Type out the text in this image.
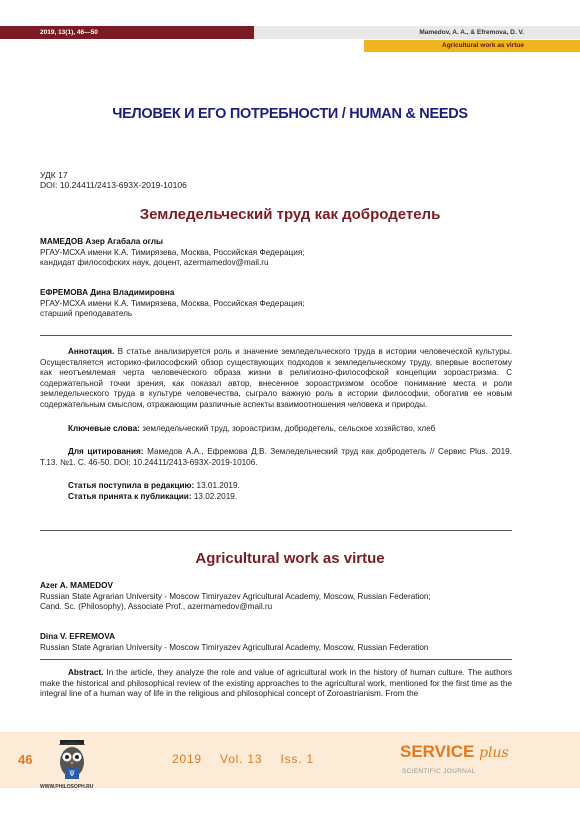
2019, 13(1), 46—50	Mamedov, A. A., & Efremova, D. V.
Agricultural work as virtue
ЧЕЛОВЕК И ЕГО ПОТРЕБНОСТИ / HUMAN & NEEDS
УДК 17
DOI: 10.24411/2413-693X-2019-10106
Земледельческий труд как добродетель
МАМЕДОВ Азер Агабала оглы
РГАУ-МСХА имени К.А. Тимирязева, Москва, Российская Федерация;
кандидат философских наук, доцент, azermamedov@mail.ru
ЕФРЕМОВА Дина Владимировна
РГАУ-МСХА имени К.А. Тимирязева, Москва, Российская Федерация;
старший преподаватель

Аннотация. В статье анализируется роль и значение земледельческого труда в истории человеческой культуры. Осуществляется историко-философский обзор существующих подходов к земледельческому труду, впервые воспетому как неотъемлемая черта человеческого образа жизни в религиозно-философской концепции зороастризма. С содержательной точки зрения, как показал автор, внесенное зороастризмом особое понимание места и роли земледельческого труда в культуре человечества, сыграло важную роль в истории философии, обогатив ее новым содержательным смыслом, отражающим различные аспекты взаимоотношения человека и природы.

Ключевые слова: земледельческий труд, зороастризм, добродетель, сельское хозяйство, хлеб

Для цитирования: Мамедов А.А., Ефремова Д.В. Земледельческий труд как добродетель // Сервис Plus. 2019. Т.13. №1. С. 46-50. DOI: 10.24411/2413-693X-2019-10106.

Статья поступила в редакцию: 13.01.2019.

Статья принята к публикации: 13.02.2019.

Agricultural work as virtue
Azer A. MAMEDOV
Russian State Agrarian University - Moscow Timiryazev Agricultural Academy, Moscow, Russian Federation;
Cand. Sc. (Philosophy), Associate Prof., azermamedov@mail.ru
Dina V. EFREMOVA
Russian State Agrarian University - Moscow Timiryazev Agricultural Academy, Moscow, Russian Federation

Abstract. In the article, they analyze the role and value of agricultural work in the history of human culture. The authors make the historical and philosophical review of the existing approaches to the agricultural work, mentioned for the first time as the integral line of a human way of life in the religious and philosophical concept of Zoroastrianism. From the

46
Ψ
WWW.PHILOSOPH.RU
2019 Vol. 13 Iss. 1	SERVICE plus
SCIENTIFIC JOURNAL
